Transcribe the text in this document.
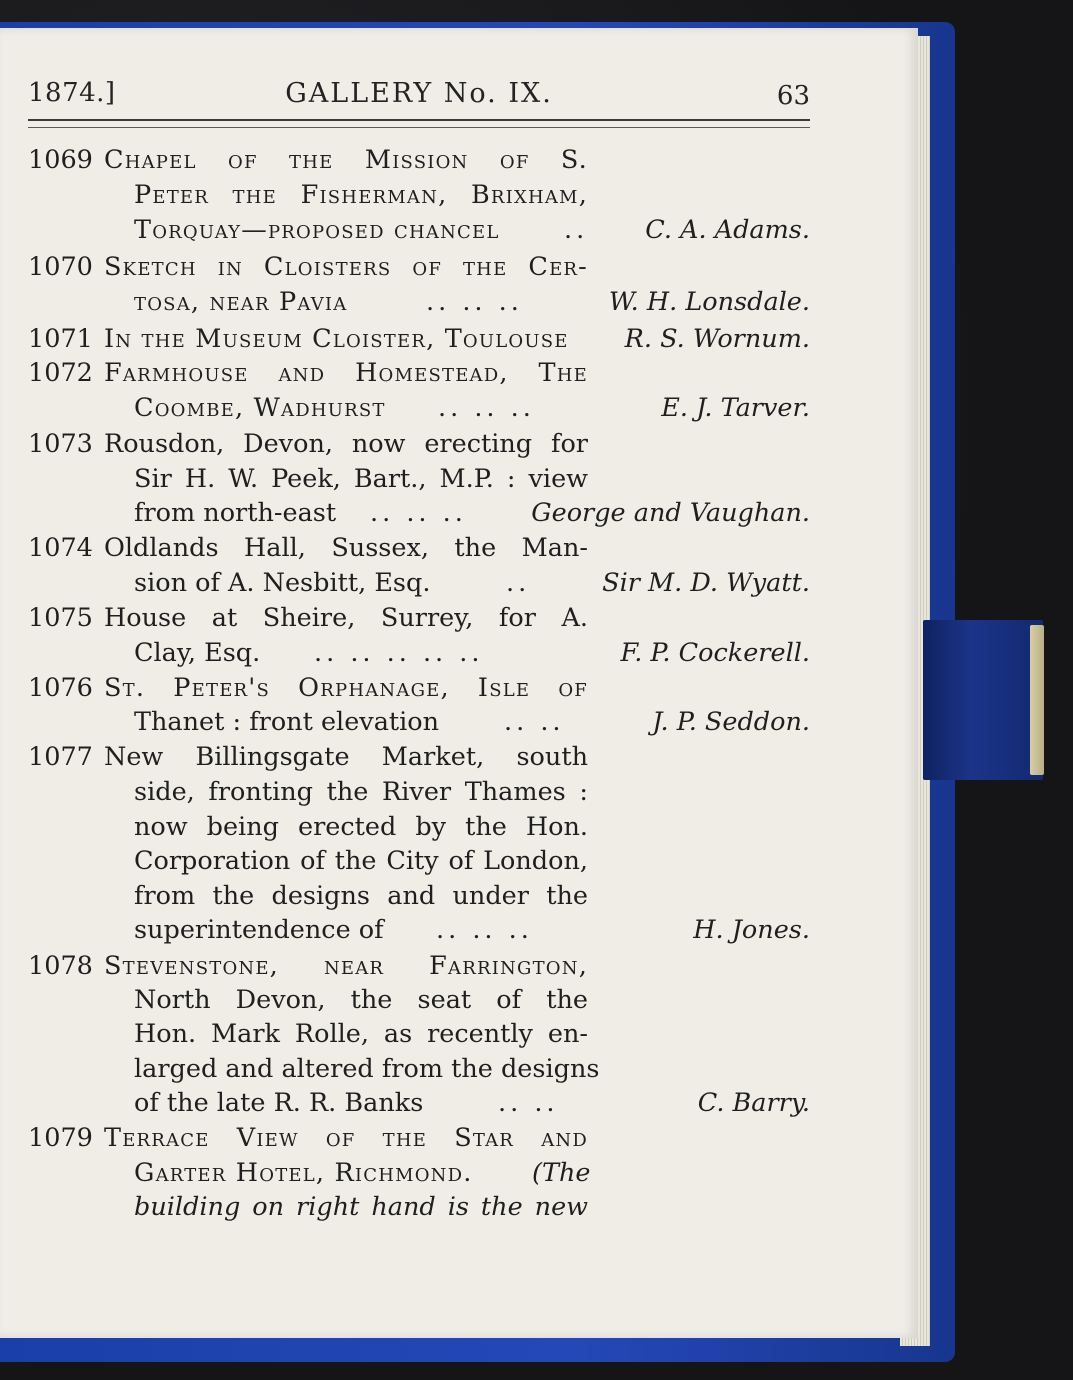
1874.]	GALLERY No. IX.	63
1069 Chapel of the Mission of S.
Peter the Fisherman, Brixham,
Torquay—proposed chancel	.. C. A. Adams.
1070 Sketch in Cloisters of the Cer-
tosa, near Pavia	.. .. ..	W. H. Lonsdale.
1071 In the Museum Cloister, Toulouse R. S. Wornum.
1072 Farmhouse and Homestead, The
Coombe, Wadhurst .. .. ..	E. J. Tarver.
1073 Rousdon, Devon, now erecting for
Sir H. W. Peek, Bart., M.P. : view
from north-east .. .. ..	George and Vaughan.
1074 Oldlands Hall, Sussex, the Man-
sion of A. Nesbitt, Esq.	..	Sir M. D. Wyatt.
1075 House at Sheire, Surrey, for A.
Clay, Esq. .. .. .. .. ..	F. P. Cockerell.
1076 St. Peter's Orphanage, Isle of
Thanet : front elevation	.. ..	J. P. Seddon.
1077 New Billingsgate Market, south
side, fronting the River Thames :
now being erected by the Hon.
Corporation of the City of London,
from the designs and under the
superintendence of .. .. ..	H. Jones.
1078 Stevenstone, near Farrington,
North Devon, the seat of the
Hon. Mark Rolle, as recently en-
larged and altered from the designs
of the late R. R. Banks	.. ..	C. Barry.
1079 Terrace View of the Star and
Garter Hotel, Richmond. (The
building on right hand is the new
